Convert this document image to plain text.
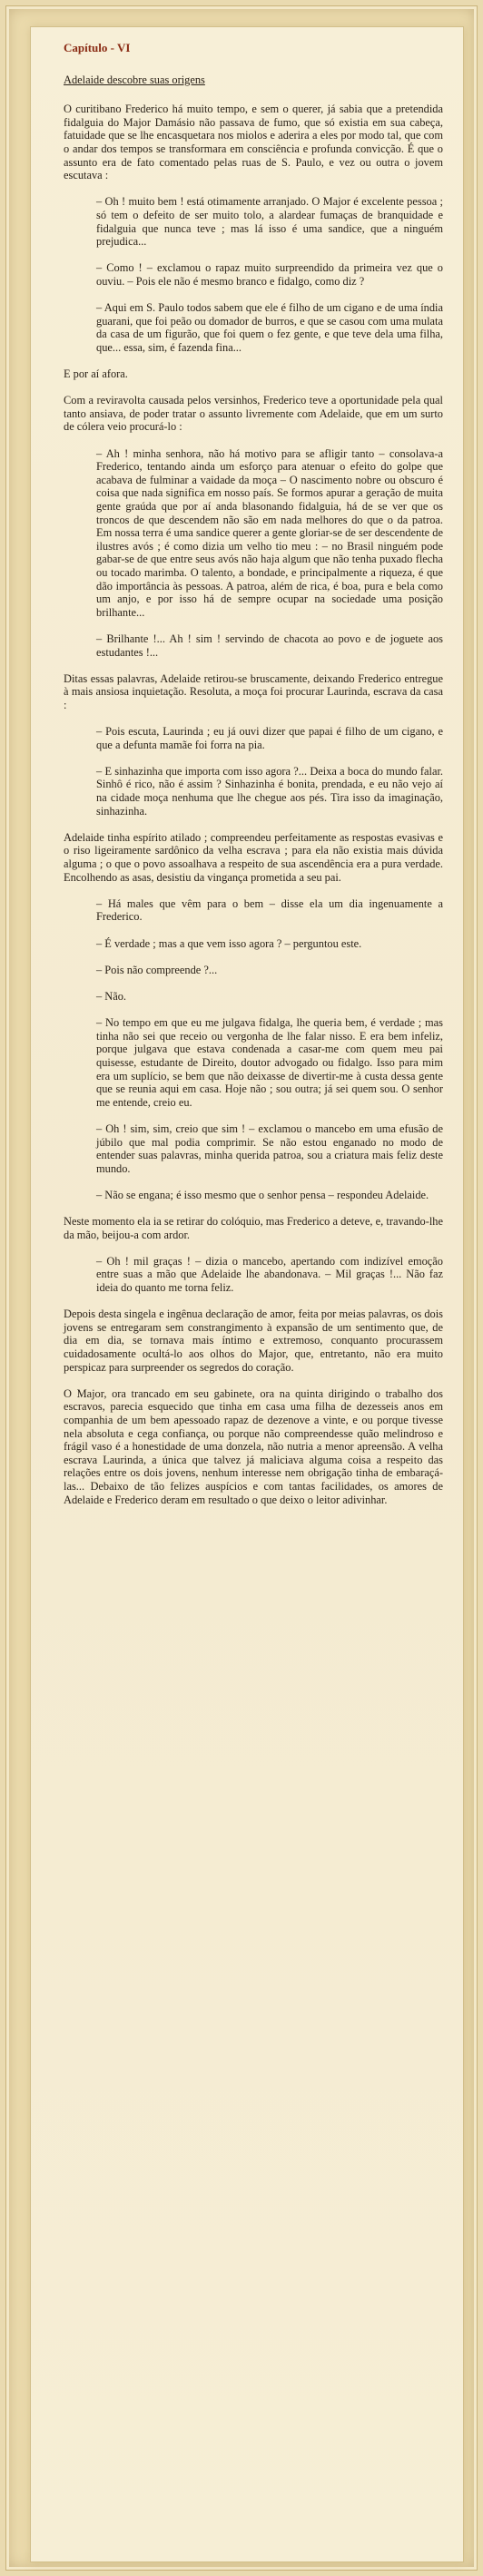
Capítulo - VI
Adelaide descobre suas origens
O curitibano Frederico há muito tempo, e sem o querer, já sabia que a pretendida fidalguia do Major Damásio não passava de fumo, que só existia em sua cabeça, fatuidade que se lhe encasquetara nos miolos e aderira a eles por modo tal, que com o andar dos tempos se transformara em consciência e profunda convicção. É que o assunto era de fato comentado pelas ruas de S. Paulo, e vez ou outra o jovem escutava :
– Oh ! muito bem ! está otimamente arranjado. O Major é excelente pessoa ; só tem o defeito de ser muito tolo, a alardear fumaças de branquidade e fidalguia que nunca teve ; mas lá isso é uma sandice, que a ninguém prejudica...
– Como ! – exclamou o rapaz muito surpreendido da primeira vez que o ouviu. – Pois ele não é mesmo branco e fidalgo, como diz ?
– Aqui em S. Paulo todos sabem que ele é filho de um cigano e de uma índia guarani, que foi peão ou domador de burros, e que se casou com uma mulata da casa de um figurão, que foi quem o fez gente, e que teve dela uma filha, que... essa, sim, é fazenda fina...
E por aí afora.
Com a reviravolta causada pelos versinhos, Frederico teve a oportunidade pela qual tanto ansiava, de poder tratar o assunto livremente com Adelaide, que em um surto de cólera veio procurá-lo :
– Ah ! minha senhora, não há motivo para se afligir tanto – consolava-a Frederico, tentando ainda um esforço para atenuar o efeito do golpe que acabava de fulminar a vaidade da moça – O nascimento nobre ou obscuro é coisa que nada significa em nosso país. Se formos apurar a geração de muita gente graúda que por aí anda blasonando fidalguia, há de se ver que os troncos de que descendem não são em nada melhores do que o da patroa. Em nossa terra é uma sandice querer a gente gloriar-se de ser descendente de ilustres avós ; é como dizia um velho tio meu : – no Brasil ninguém pode gabar-se de que entre seus avós não haja algum que não tenha puxado flecha ou tocado marimba. O talento, a bondade, e principalmente a riqueza, é que dão importância às pessoas. A patroa, além de rica, é boa, pura e bela como um anjo, e por isso há de sempre ocupar na sociedade uma posição brilhante...
– Brilhante !... Ah ! sim ! servindo de chacota ao povo e de joguete aos estudantes !...
Ditas essas palavras, Adelaide retirou-se bruscamente, deixando Frederico entregue à mais ansiosa inquietação. Resoluta, a moça foi procurar Laurinda, escrava da casa :
– Pois escuta, Laurinda ; eu já ouvi dizer que papai é filho de um cigano, e que a defunta mamãe foi forra na pia.
– E sinhazinha que importa com isso agora ?... Deixa a boca do mundo falar. Sinhô é rico, não é assim ? Sinhazinha é bonita, prendada, e eu não vejo aí na cidade moça nenhuma que lhe chegue aos pés. Tira isso da imaginação, sinhazinha.
Adelaide tinha espírito atilado ; compreendeu perfeitamente as respostas evasivas e o riso ligeiramente sardônico da velha escrava ; para ela não existia mais dúvida alguma ; o que o povo assoalhava a respeito de sua ascendência era a pura verdade. Encolhendo as asas, desistiu da vingança prometida a seu pai.
– Há males que vêm para o bem – disse ela um dia ingenuamente a Frederico.
– É verdade ; mas a que vem isso agora ? – perguntou este.
– Pois não compreende ?...
– Não.
– No tempo em que eu me julgava fidalga, lhe queria bem, é verdade ; mas tinha não sei que receio ou vergonha de lhe falar nisso. E era bem infeliz, porque julgava que estava condenada a casar-me com quem meu pai quisesse, estudante de Direito, doutor advogado ou fidalgo. Isso para mim era um suplício, se bem que não deixasse de divertir-me à custa dessa gente que se reunia aqui em casa. Hoje não ; sou outra; já sei quem sou. O senhor me entende, creio eu.
– Oh ! sim, sim, creio que sim ! – exclamou o mancebo em uma efusão de júbilo que mal podia comprimir. Se não estou enganado no modo de entender suas palavras, minha querida patroa, sou a criatura mais feliz deste mundo.
– Não se engana; é isso mesmo que o senhor pensa – respondeu Adelaide.
Neste momento ela ia se retirar do colóquio, mas Frederico a deteve, e, travando-lhe da mão, beijou-a com ardor.
– Oh ! mil graças ! – dizia o mancebo, apertando com indizível emoção entre suas a mão que Adelaide lhe abandonava. – Mil graças !... Não faz ideia do quanto me torna feliz.
Depois desta singela e ingênua declaração de amor, feita por meias palavras, os dois jovens se entregaram sem constrangimento à expansão de um sentimento que, de dia em dia, se tornava mais íntimo e extremoso, conquanto procurassem cuidadosamente ocultá-lo aos olhos do Major, que, entretanto, não era muito perspicaz para surpreender os segredos do coração.
O Major, ora trancado em seu gabinete, ora na quinta dirigindo o trabalho dos escravos, parecia esquecido que tinha em casa uma filha de dezesseis anos em companhia de um bem apessoado rapaz de dezenove a vinte, e ou porque tivesse nela absoluta e cega confiança, ou porque não compreendesse quão melindroso e frágil vaso é a honestidade de uma donzela, não nutria a menor apreensão. A velha escrava Laurinda, a única que talvez já maliciava alguma coisa a respeito das relações entre os dois jovens, nenhum interesse nem obrigação tinha de embaraçá-las... Debaixo de tão felizes auspícios e com tantas facilidades, os amores de Adelaide e Frederico deram em resultado o que deixo o leitor adivinhar.
